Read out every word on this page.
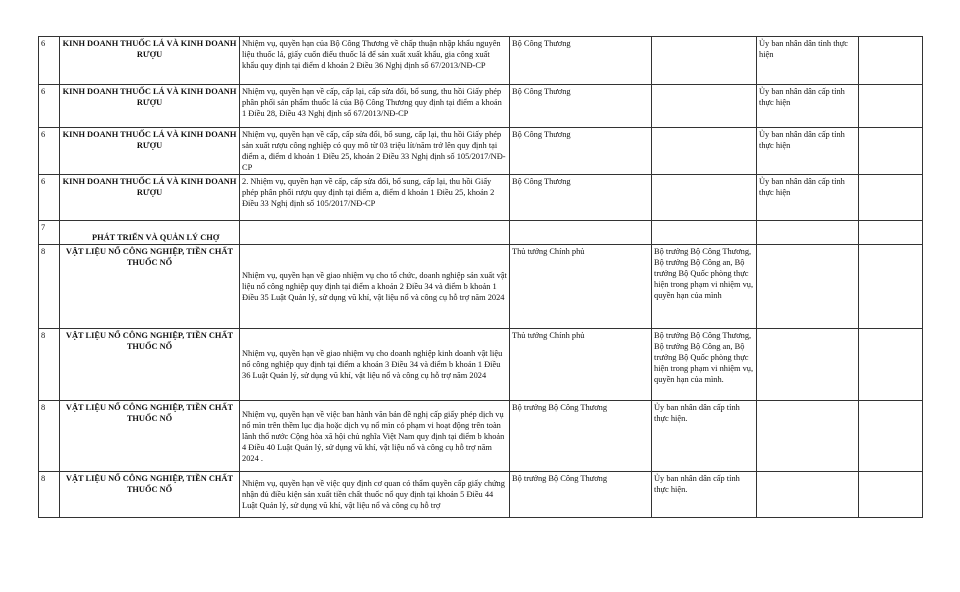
6	KINH DOANH THUỐC LÁ VÀ KINH DOANH RƯỢU	Nhiệm vụ, quyền hạn của Bộ Công Thương về chấp thuận nhập khẩu nguyên liệu thuốc lá, giấy cuốn điếu thuốc lá để sản xuất xuất khẩu, gia công xuất khẩu quy định tại điểm d khoản 2 Điều 36 Nghị định số 67/2013/NĐ-CP	Bộ Công Thương		Ủy ban nhân dân tỉnh thực hiện	
6	KINH DOANH THUỐC LÁ VÀ KINH DOANH RƯỢU	Nhiệm vụ, quyền hạn về cấp, cấp lại, cấp sửa đổi, bổ sung, thu hồi Giấy phép phân phối sản phẩm thuốc lá của Bộ Công Thương quy định tại điểm a khoản 1 Điều 28, Điều 43 Nghị định số 67/2013/NĐ-CP	Bộ Công Thương		Ủy ban nhân dân cấp tỉnh thực hiện	
6	KINH DOANH THUỐC LÁ VÀ KINH DOANH RƯỢU	Nhiệm vụ, quyền hạn về cấp, cấp sửa đổi, bổ sung, cấp lại, thu hồi Giấy phép sản xuất rượu công nghiệp có quy mô từ 03 triệu lít/năm trở lên quy định tại điểm a, điểm d khoản 1 Điều 25, khoản 2 Điều 33 Nghị định số 105/2017/NĐ-CP	Bộ Công Thương		Ủy ban nhân dân cấp tỉnh thực hiện	
6	KINH DOANH THUỐC LÁ VÀ KINH DOANH RƯỢU	2. Nhiệm vụ, quyền hạn về cấp, cấp sửa đổi, bổ sung, cấp lại, thu hồi Giấy phép phân phối rượu quy định tại điểm a, điểm d khoản 1 Điều 25, khoản 2 Điều 33 Nghị định số 105/2017/NĐ-CP	Bộ Công Thương		Ủy ban nhân dân cấp tỉnh thực hiện	
7	PHÁT TRIỂN VÀ QUẢN LÝ CHỢ					
8	VẬT LIỆU NỔ CÔNG NGHIỆP, TIỀN CHẤT THUỐC NỔ	Nhiệm vụ, quyền hạn về giao nhiệm vụ cho tổ chức, doanh nghiệp sản xuất vật liệu nổ công nghiệp quy định tại điểm a khoản 2 Điều 34 và điểm b khoản 1 Điều 35 Luật Quản lý, sử dụng vũ khí, vật liệu nổ và công cụ hỗ trợ năm 2024	Thủ tướng Chính phủ	Bộ trưởng Bộ Công Thương, Bộ trưởng Bộ Công an, Bộ trưởng Bộ Quốc phòng thực hiện trong phạm vi nhiệm vụ, quyền hạn của mình		
8	VẬT LIỆU NỔ CÔNG NGHIỆP, TIỀN CHẤT THUỐC NỔ	Nhiệm vụ, quyền hạn về giao nhiệm vụ cho doanh nghiệp kinh doanh vật liệu nổ công nghiệp quy định tại điểm a khoản 3 Điều 34 và điểm b khoản 1 Điều 36 Luật Quản lý, sử dụng vũ khí, vật liệu nổ và công cụ hỗ trợ năm 2024	Thủ tướng Chính phủ	Bộ trưởng Bộ Công Thương, Bộ trưởng Bộ Công an, Bộ trưởng Bộ Quốc phòng thực hiện trong phạm vi nhiệm vụ, quyền hạn của mình.		
8	VẬT LIỆU NỔ CÔNG NGHIỆP, TIỀN CHẤT THUỐC NỔ	Nhiệm vụ, quyền hạn về việc ban hành văn bản đề nghị cấp giấy phép dịch vụ nổ mìn trên thềm lục địa hoặc dịch vụ nổ mìn có phạm vi hoạt động trên toàn lãnh thổ nước Cộng hòa xã hội chủ nghĩa Việt Nam quy định tại điểm b khoản 4 Điều 40 Luật Quản lý, sử dụng vũ khí, vật liệu nổ và công cụ hỗ trợ năm 2024 .	Bộ trưởng Bộ Công Thương	Ủy ban nhân dân cấp tỉnh thực hiện.		
8	VẬT LIỆU NỔ CÔNG NGHIỆP, TIỀN CHẤT THUỐC NỔ	Nhiệm vụ, quyền hạn về việc quy định cơ quan có thẩm quyền cấp giấy chứng nhận đủ điều kiện sản xuất tiền chất thuốc nổ quy định tại khoản 5 Điều 44 Luật Quản lý, sử dụng vũ khí, vật liệu nổ và công cụ hỗ trợ	Bộ trưởng Bộ Công Thương	Ủy ban nhân dân cấp tỉnh thực hiện.		
